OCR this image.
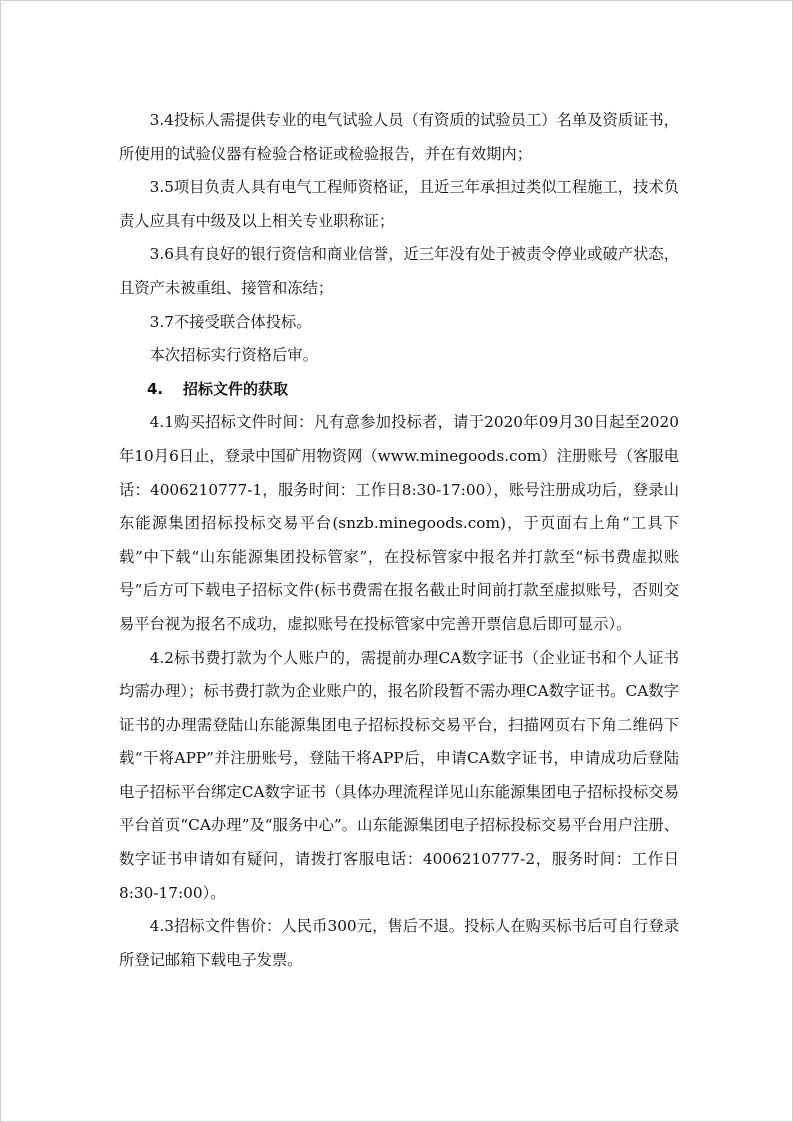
3.4投标人需提供专业的电气试验人员（有资质的试验员工）名单及资质证书，所使用的试验仪器有检验合格证或检验报告，并在有效期内；

3.5项目负责人具有电气工程师资格证，且近三年承担过类似工程施工，技术负责人应具有中级及以上相关专业职称证；

3.6具有良好的银行资信和商业信誉，近三年没有处于被责令停业或破产状态，且资产未被重组、接管和冻结；

3.7不接受联合体投标。

本次招标实行资格后审。

4. 招标文件的获取

4.1购买招标文件时间：凡有意参加投标者，请于2020年09月30日起至2020年10月6日止，登录中国矿用物资网（www.minegoods.com）注册账号（客服电话：4006210777-1，服务时间：工作日8:30-17:00），账号注册成功后，登录山东能源集团招标投标交易平台(snzb.minegoods.com)，于页面右上角“工具下载”中下载“山东能源集团投标管家”，在投标管家中报名并打款至“标书费虚拟账号”后方可下载电子招标文件(标书费需在报名截止时间前打款至虚拟账号，否则交易平台视为报名不成功，虚拟账号在投标管家中完善开票信息后即可显示）。

4.2标书费打款为个人账户的，需提前办理CA数字证书（企业证书和个人证书均需办理）；标书费打款为企业账户的，报名阶段暂不需办理CA数字证书。CA数字证书的办理需登陆山东能源集团电子招标投标交易平台，扫描网页右下角二维码下载“干将APP”并注册账号，登陆干将APP后，申请CA数字证书，申请成功后登陆电子招标平台绑定CA数字证书（具体办理流程详见山东能源集团电子招标投标交易平台首页“CA办理”及“服务中心”。山东能源集团电子招标投标交易平台用户注册、数字证书申请如有疑问，请拨打客服电话：4006210777-2，服务时间：工作日8:30-17:00）。

4.3招标文件售价：人民币300元，售后不退。投标人在购买标书后可自行登录所登记邮箱下载电子发票。
